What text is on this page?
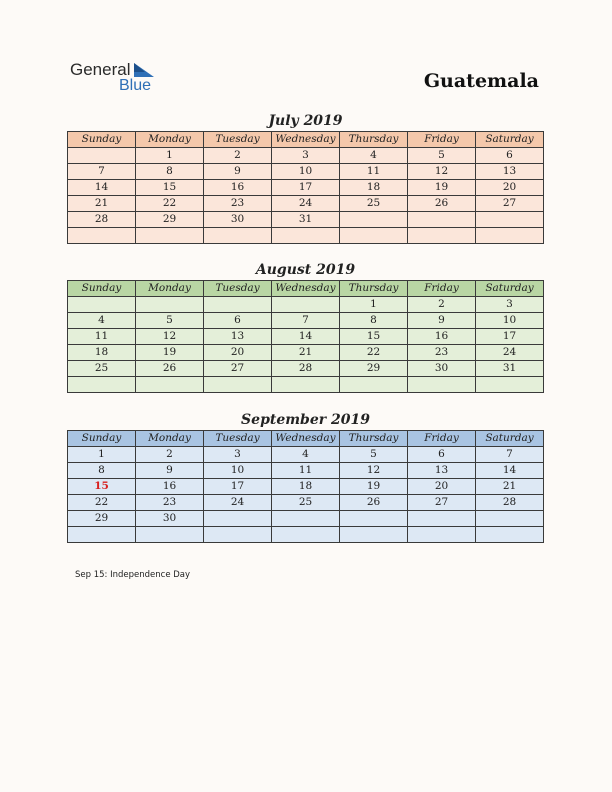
General
Blue	Guatemala
July 2019
Sunday	Monday	Tuesday	Wednesday	Thursday	Friday	Saturday
	1	2	3	4	5	6
7	8	9	10	11	12	13
14	15	16	17	18	19	20
21	22	23	24	25	26	27
28	29	30	31			

August 2019
Sunday	Monday	Tuesday	Wednesday	Thursday	Friday	Saturday
				1	2	3
4	5	6	7	8	9	10
11	12	13	14	15	16	17
18	19	20	21	22	23	24
25	26	27	28	29	30	31

September 2019
Sunday	Monday	Tuesday	Wednesday	Thursday	Friday	Saturday
1	2	3	4	5	6	7
8	9	10	11	12	13	14
15	16	17	18	19	20	21
22	23	24	25	26	27	28
29	30					

Sep 15: Independence Day
